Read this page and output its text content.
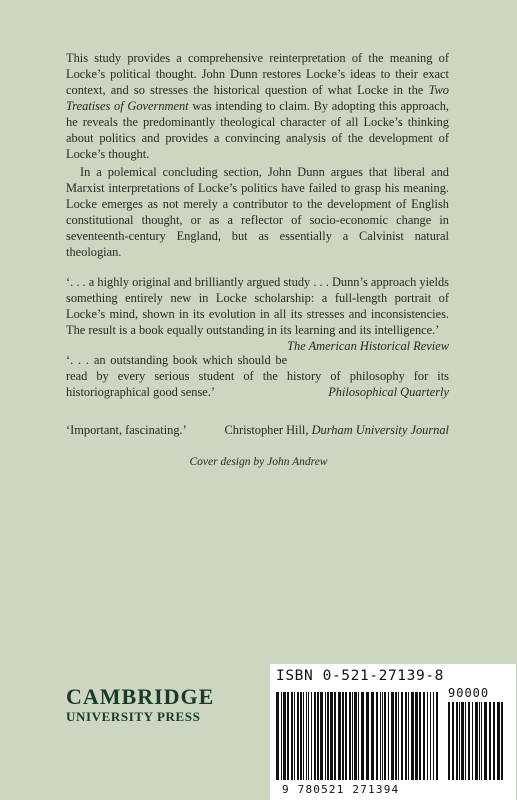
This study provides a comprehensive reinterpretation of the meaning of Locke’s political thought. John Dunn restores Locke’s ideas to their exact context, and so stresses the historical question of what Locke in the Two Treatises of Government was intending to claim. By adopting this approach, he reveals the predominantly theological character of all Locke’s thinking about politics and provides a convincing analysis of the development of Locke’s thought.

In a polemical concluding section, John Dunn argues that liberal and Marxist interpretations of Locke’s politics have failed to grasp his meaning. Locke emerges as not merely a contributor to the development of English constitutional thought, or as a reflector of socio-economic change in seventeenth-century England, but as essentially a Calvinist natural theologian.

‘. . . a highly original and brilliantly argued study . . . Dunn’s approach yields something entirely new in Locke scholarship: a full-length portrait of Locke’s mind, shown in its evolution in all its stresses and inconsistencies. The result is a book equally outstanding in its learning and its intelligence.’
The American Historical Review

‘. . . an outstanding book which should be read by every serious student of the history of philosophy for its historiographical good sense.’	Philosophical Quarterly

‘Important, fascinating.’	Christopher Hill, Durham University Journal

Cover design by John Andrew
CAMBRIDGE
UNIVERSITY PRESS
ISBN 0-521-27139-8
9 780521 271394
90000
